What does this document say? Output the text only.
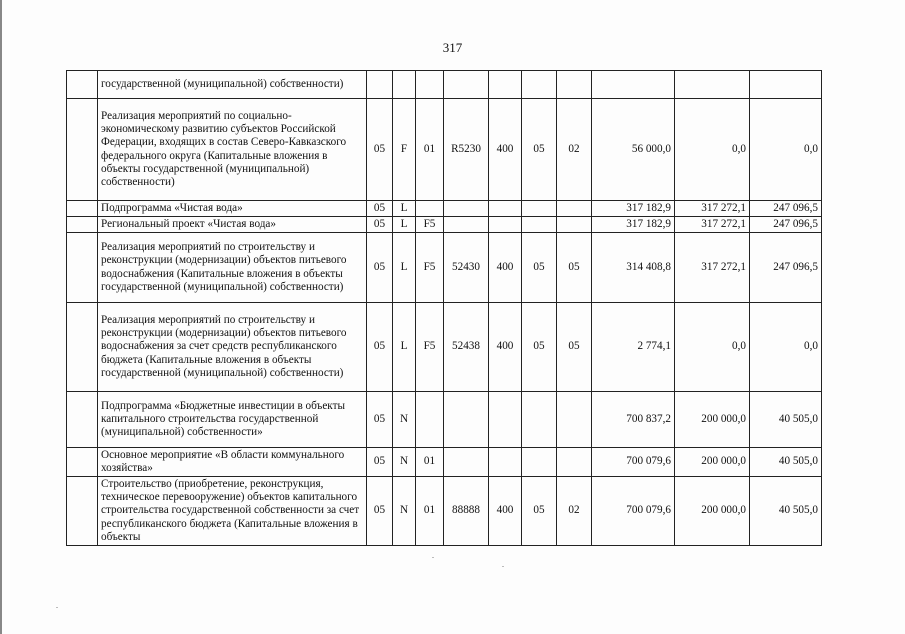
317
	государственной (муниципальной) собственности)										
	Реализация мероприятий по социально-экономическому развитию субъектов Российской Федерации, входящих в состав Северо-Кавказского федерального округа (Капитальные вложения в объекты государственной (муниципальной) собственности)	05	F	01	R5230	400	05	02	56 000,0	0,0	0,0
	Подпрограмма «Чистая вода»	05	L						317 182,9	317 272,1	247 096,5
	Региональный проект «Чистая вода»	05	L	F5					317 182,9	317 272,1	247 096,5
	Реализация мероприятий по строительству и реконструкции (модернизации) объектов питьевого водоснабжения (Капитальные вложения в объекты государственной (муниципальной) собственности)	05	L	F5	52430	400	05	05	314 408,8	317 272,1	247 096,5
	Реализация мероприятий по строительству и реконструкции (модернизации) объектов питьевого водоснабжения за счет средств республиканского бюджета (Капитальные вложения в объекты государственной (муниципальной) собственности)	05	L	F5	52438	400	05	05	2 774,1	0,0	0,0
	Подпрограмма «Бюджетные инвестиции в объекты капитального строительства государственной (муниципальной) собственности»	05	N						700 837,2	200 000,0	40 505,0
	Основное мероприятие «В области коммунального хозяйства»	05	N	01					700 079,6	200 000,0	40 505,0
	Строительство (приобретение, реконструкция, техническое перевооружение) объектов капитального строительства государственной собственности за счет республиканского бюджета (Капитальные вложения в объекты	05	N	01	88888	400	05	02	700 079,6	200 000,0	40 505,0
